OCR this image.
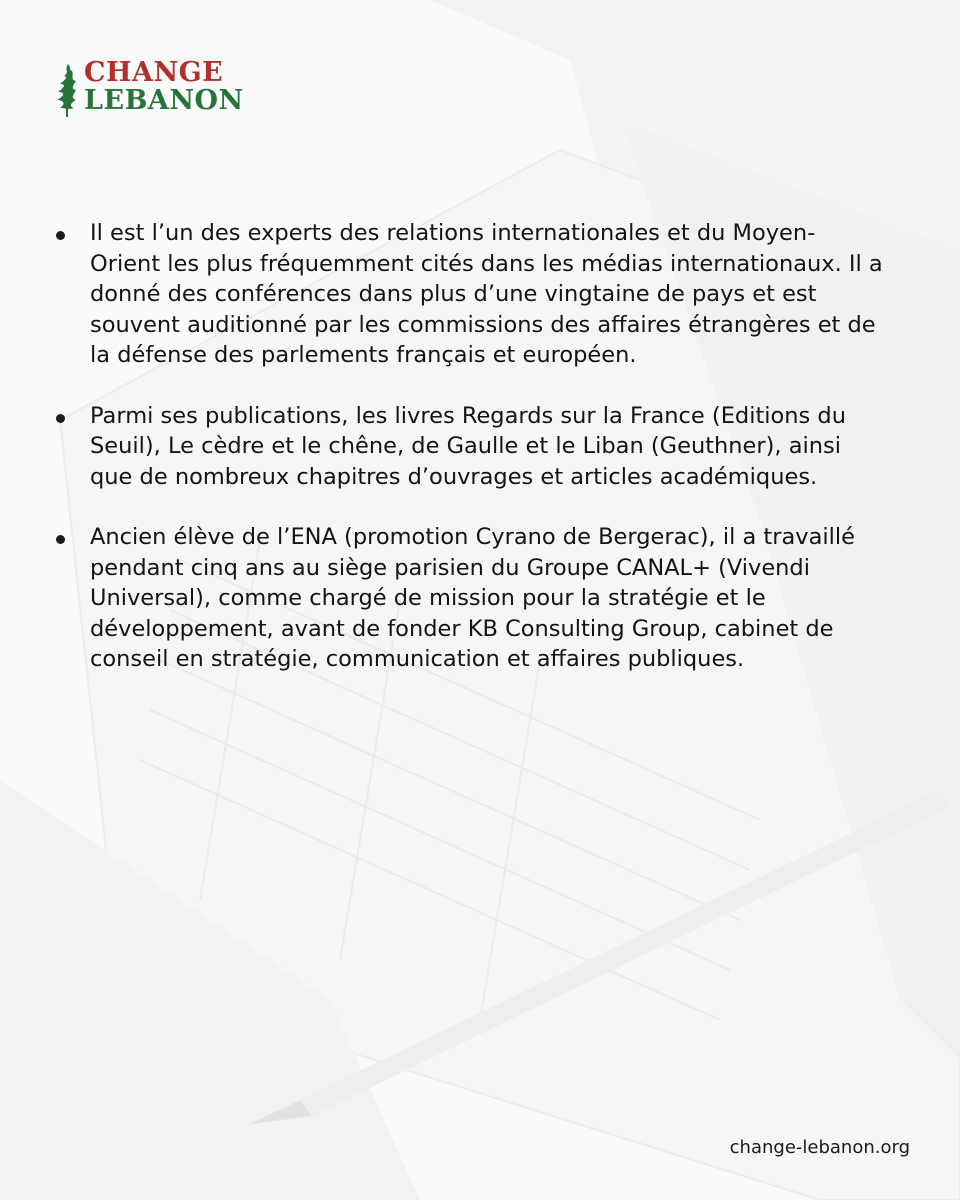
CHANGE
LEBANON
Il est l’un des experts des relations internationales et du Moyen-Orient les plus fréquemment cités dans les médias internationaux. Il a donné des conférences dans plus d’une vingtaine de pays et est souvent auditionné par les commissions des affaires étrangères et de la défense des parlements français et européen.
Parmi ses publications, les livres Regards sur la France (Editions du Seuil), Le cèdre et le chêne, de Gaulle et le Liban (Geuthner), ainsi que de nombreux chapitres d’ouvrages et articles académiques.
Ancien élève de l’ENA (promotion Cyrano de Bergerac), il a travaillé pendant cinq ans au siège parisien du Groupe CANAL+ (Vivendi Universal), comme chargé de mission pour la stratégie et le développement, avant de fonder KB Consulting Group, cabinet de conseil en stratégie, communication et affaires publiques.
change-lebanon.org
